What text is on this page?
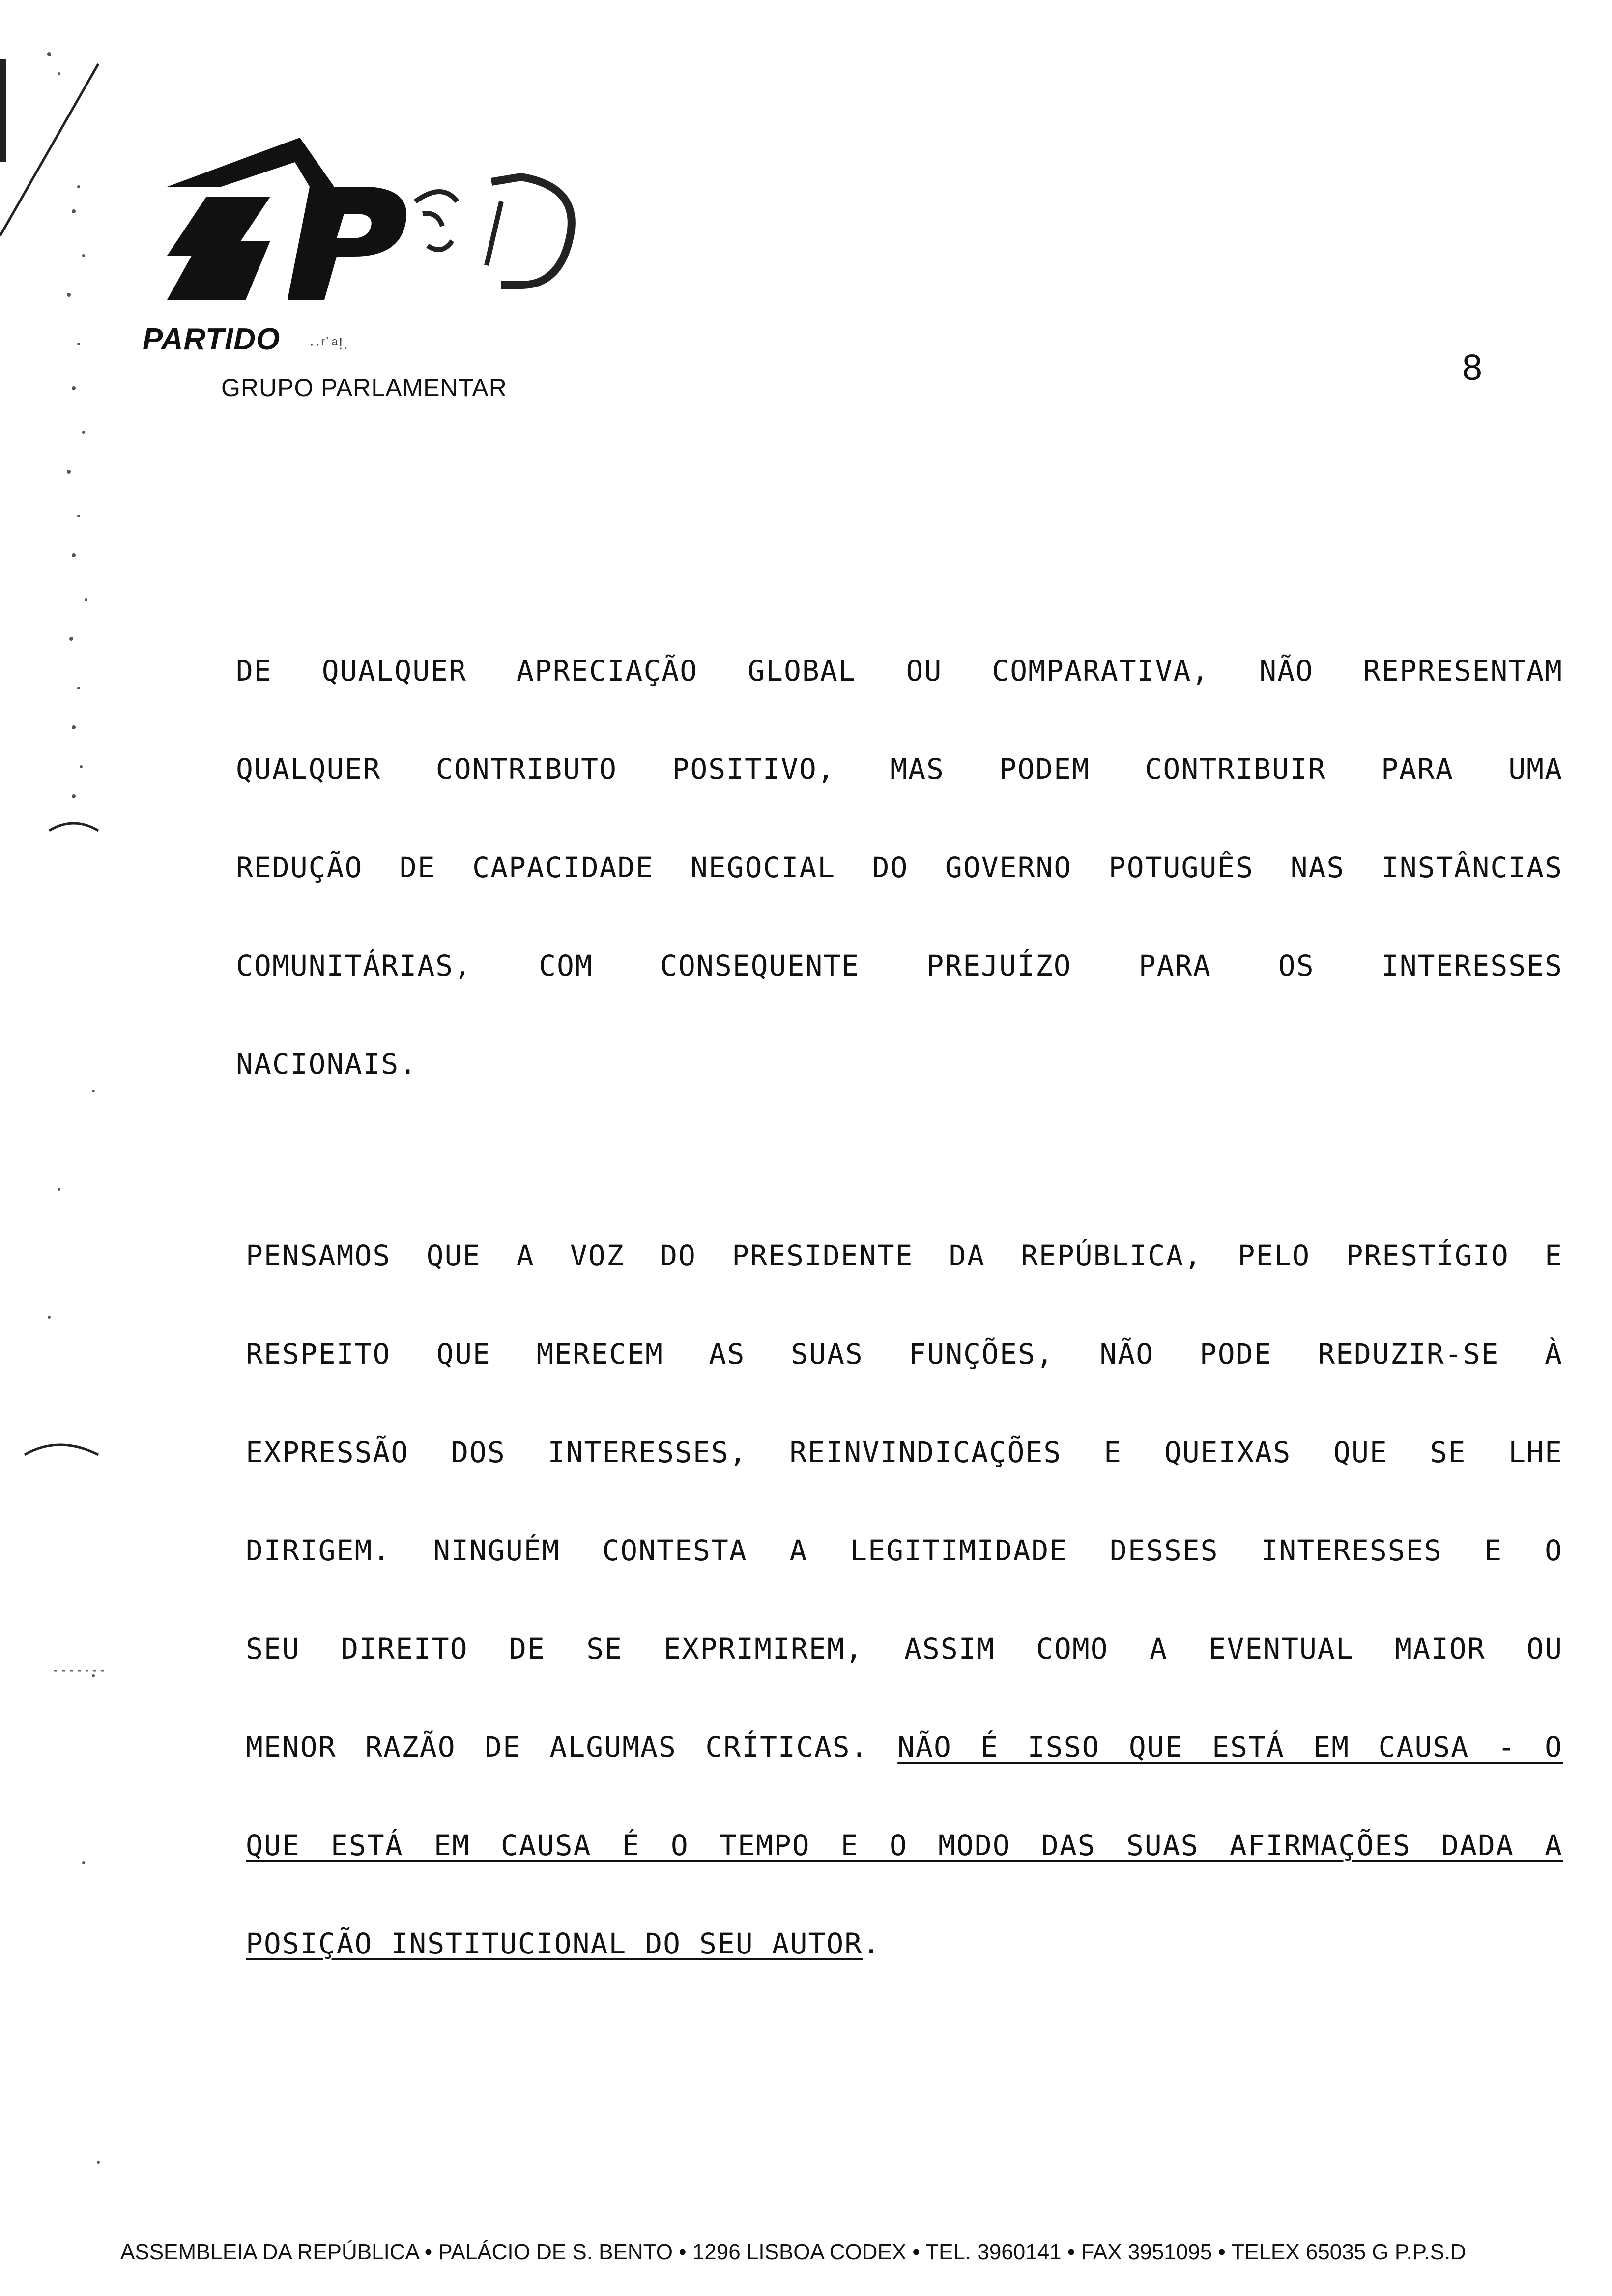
PARTIDO ··ʳ˙ᵃ!.
GRUPO PARLAMENTAR	8
DE QUALQUER APRECIAÇÃO GLOBAL OU COMPARATIVA, NÃO REPRESENTAM
QUALQUER CONTRIBUTO POSITIVO, MAS PODEM CONTRIBUIR PARA UMA
REDUÇÃO DE CAPACIDADE NEGOCIAL DO GOVERNO POTUGUÊS NAS INSTÂNCIAS
COMUNITÁRIAS, COM CONSEQUENTE PREJUÍZO PARA OS INTERESSES
NACIONAIS.
PENSAMOS QUE A VOZ DO PRESIDENTE DA REPÚBLICA, PELO PRESTÍGIO E
RESPEITO QUE MERECEM AS SUAS FUNÇÕES, NÃO PODE REDUZIR-SE À
EXPRESSÃO DOS INTERESSES, REINVINDICAÇÕES E QUEIXAS QUE SE LHE
DIRIGEM. NINGUÉM CONTESTA A LEGITIMIDADE DESSES INTERESSES E O
SEU DIREITO DE SE EXPRIMIREM, ASSIM COMO A EVENTUAL MAIOR OU
MENOR RAZÃO DE ALGUMAS CRÍTICAS. NÃO É ISSO QUE ESTÁ EM CAUSA - O
QUE ESTÁ EM CAUSA É O TEMPO E O MODO DAS SUAS AFIRMAÇÕES DADA A
POSIÇÃO INSTITUCIONAL DO SEU AUTOR.
ASSEMBLEIA DA REPÚBLICA • PALÁCIO DE S. BENTO • 1296 LISBOA CODEX • TEL. 3960141 • FAX 3951095 • TELEX 65035 G P.P.S.D
